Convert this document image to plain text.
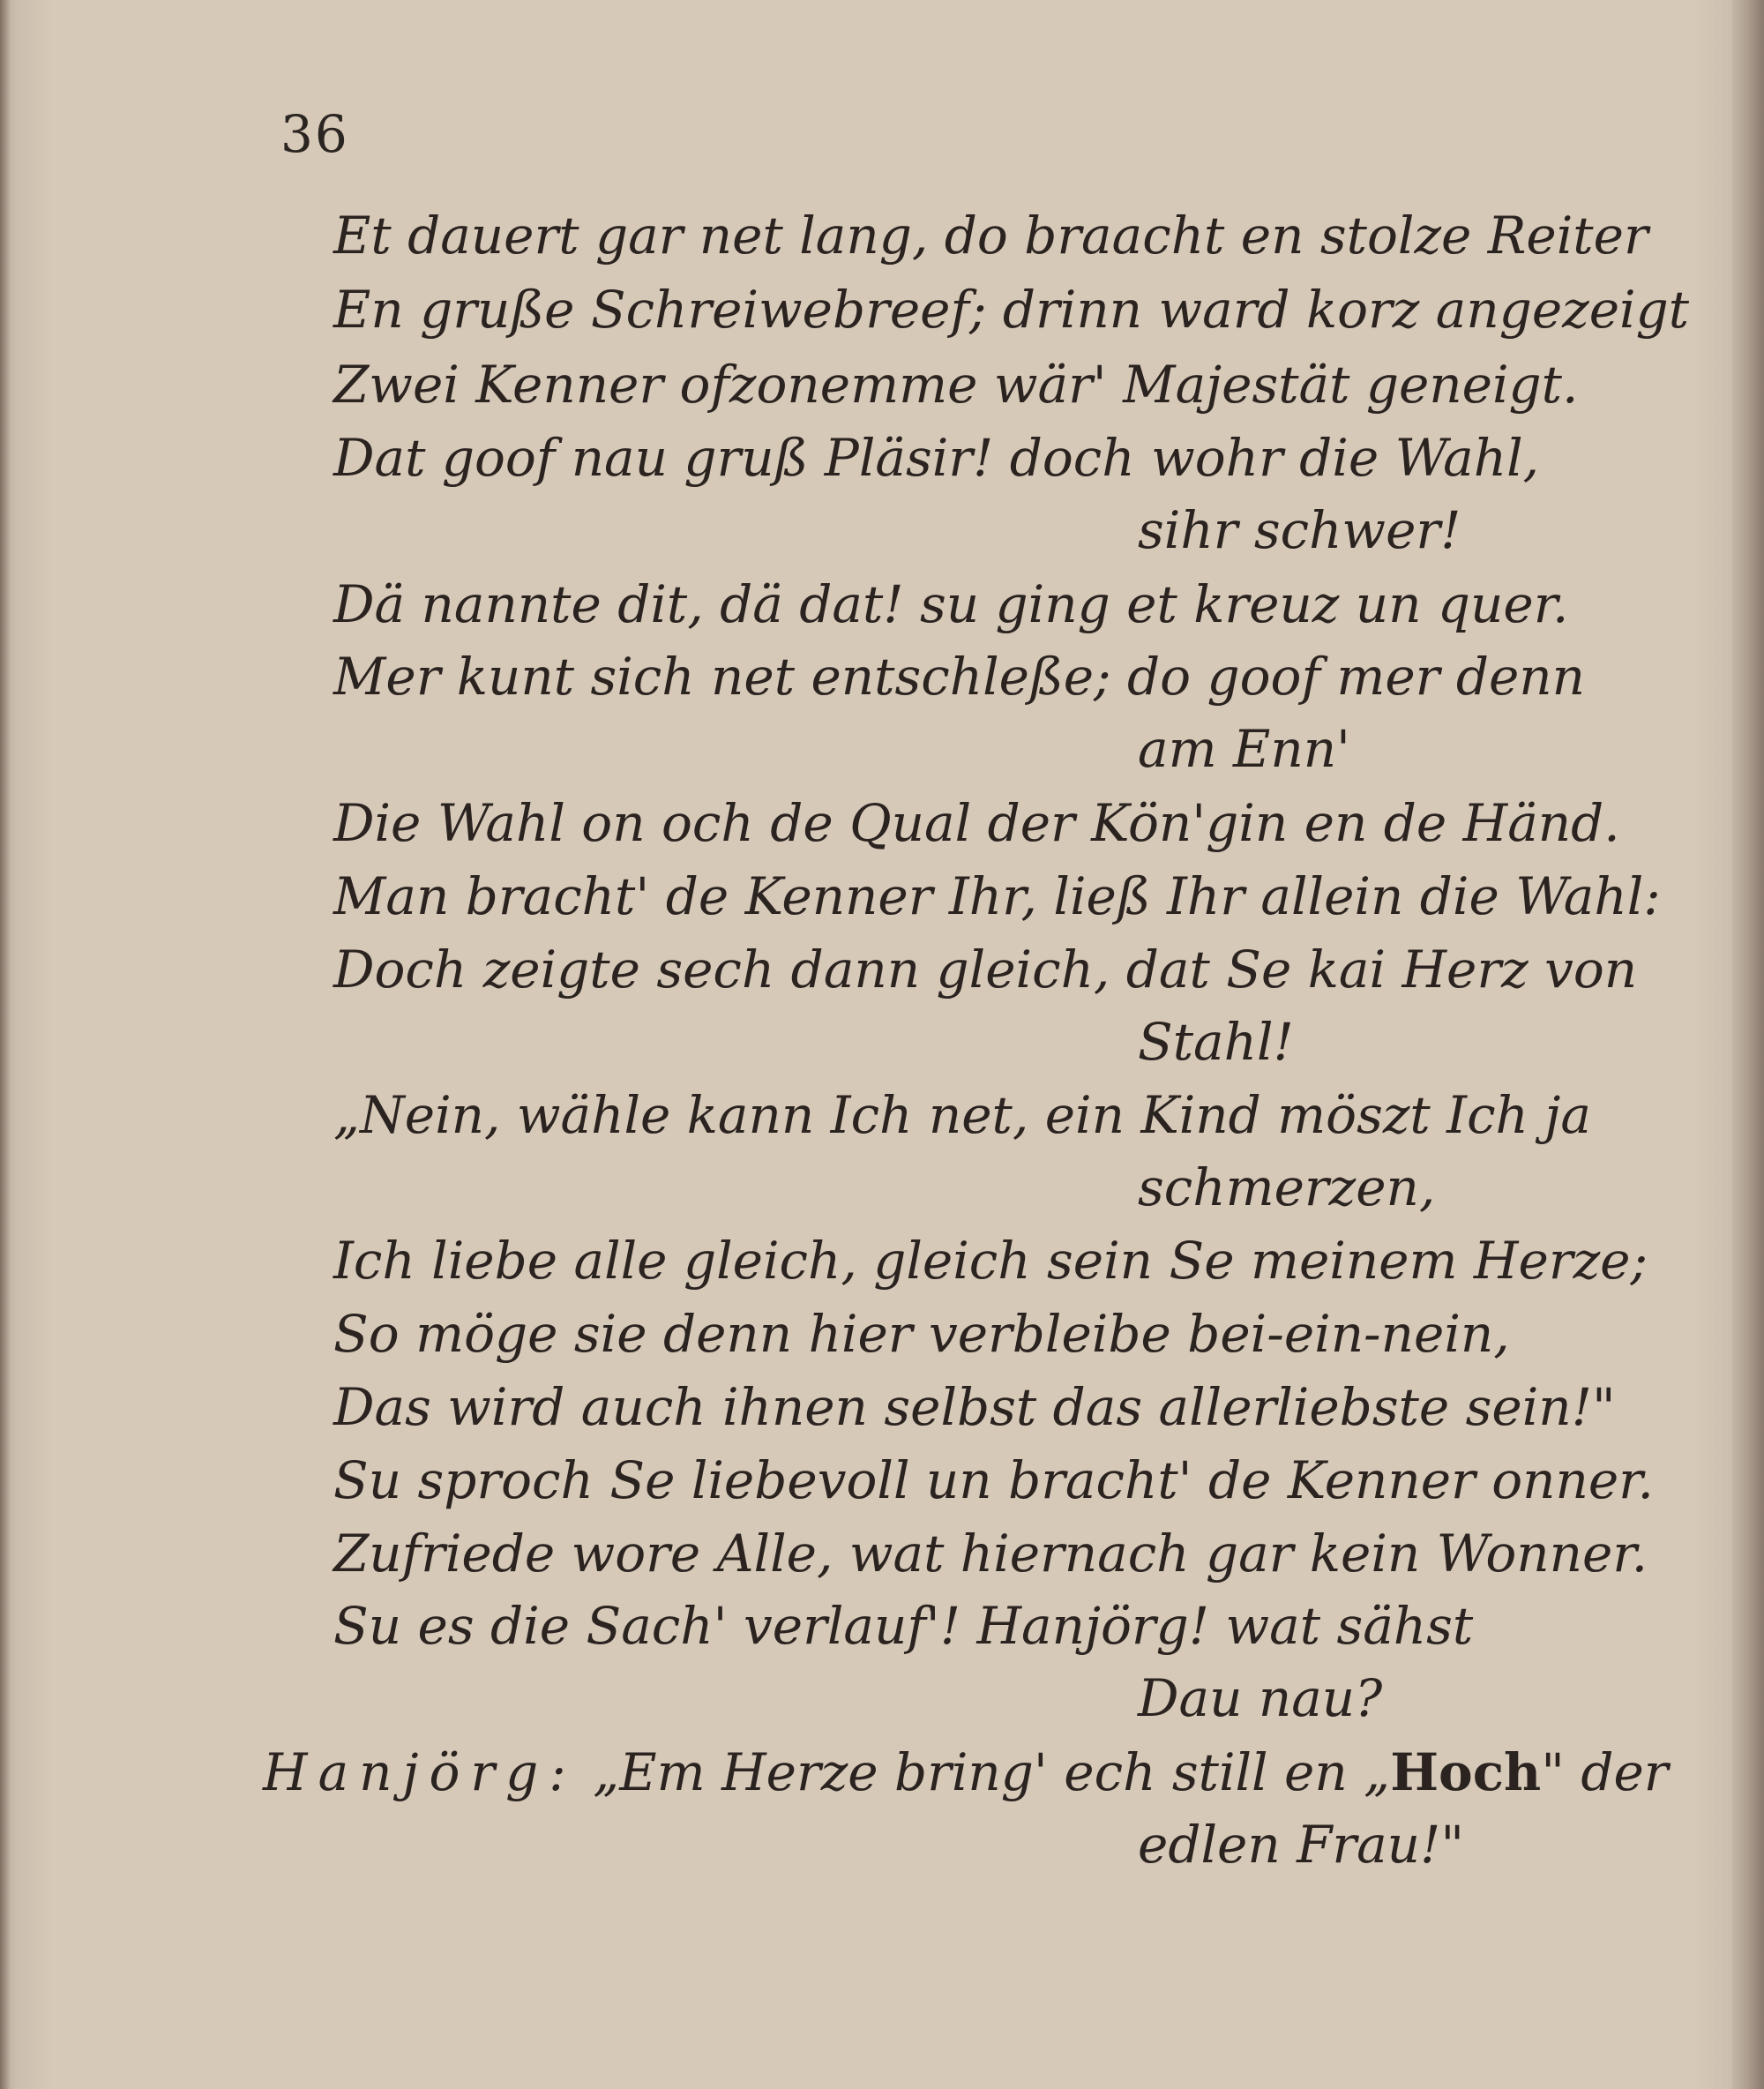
36
Et dauert gar net lang, do braacht en stolze Reiter
En gruße Schreiwebreef; drinn ward korz angezeigt
Zwei Kenner ofzonemme wär' Majestät geneigt.
Dat goof nau gruß Pläsir! doch wohr die Wahl,
sihr schwer!
Dä nannte dit, dä dat! su ging et kreuz un quer.
Mer kunt sich net entschleße; do goof mer denn
am Enn'
Die Wahl on och de Qual der Kön'gin en de Händ.
Man bracht' de Kenner Ihr, ließ Ihr allein die Wahl:
Doch zeigte sech dann gleich, dat Se kai Herz von
Stahl!
„Nein, wähle kann Ich net, ein Kind möszt Ich ja
schmerzen,
Ich liebe alle gleich, gleich sein Se meinem Herze;
So möge sie denn hier verbleibe bei-ein-nein,
Das wird auch ihnen selbst das allerliebste sein!"
Su sproch Se liebevoll un bracht' de Kenner onner.
Zufriede wore Alle, wat hiernach gar kein Wonner.
Su es die Sach' verlauf'! Hanjörg! wat sähst
Dau nau?
Hanjörg: „Em Herze bring' ech still en „Hoch" der
edlen Frau!"
